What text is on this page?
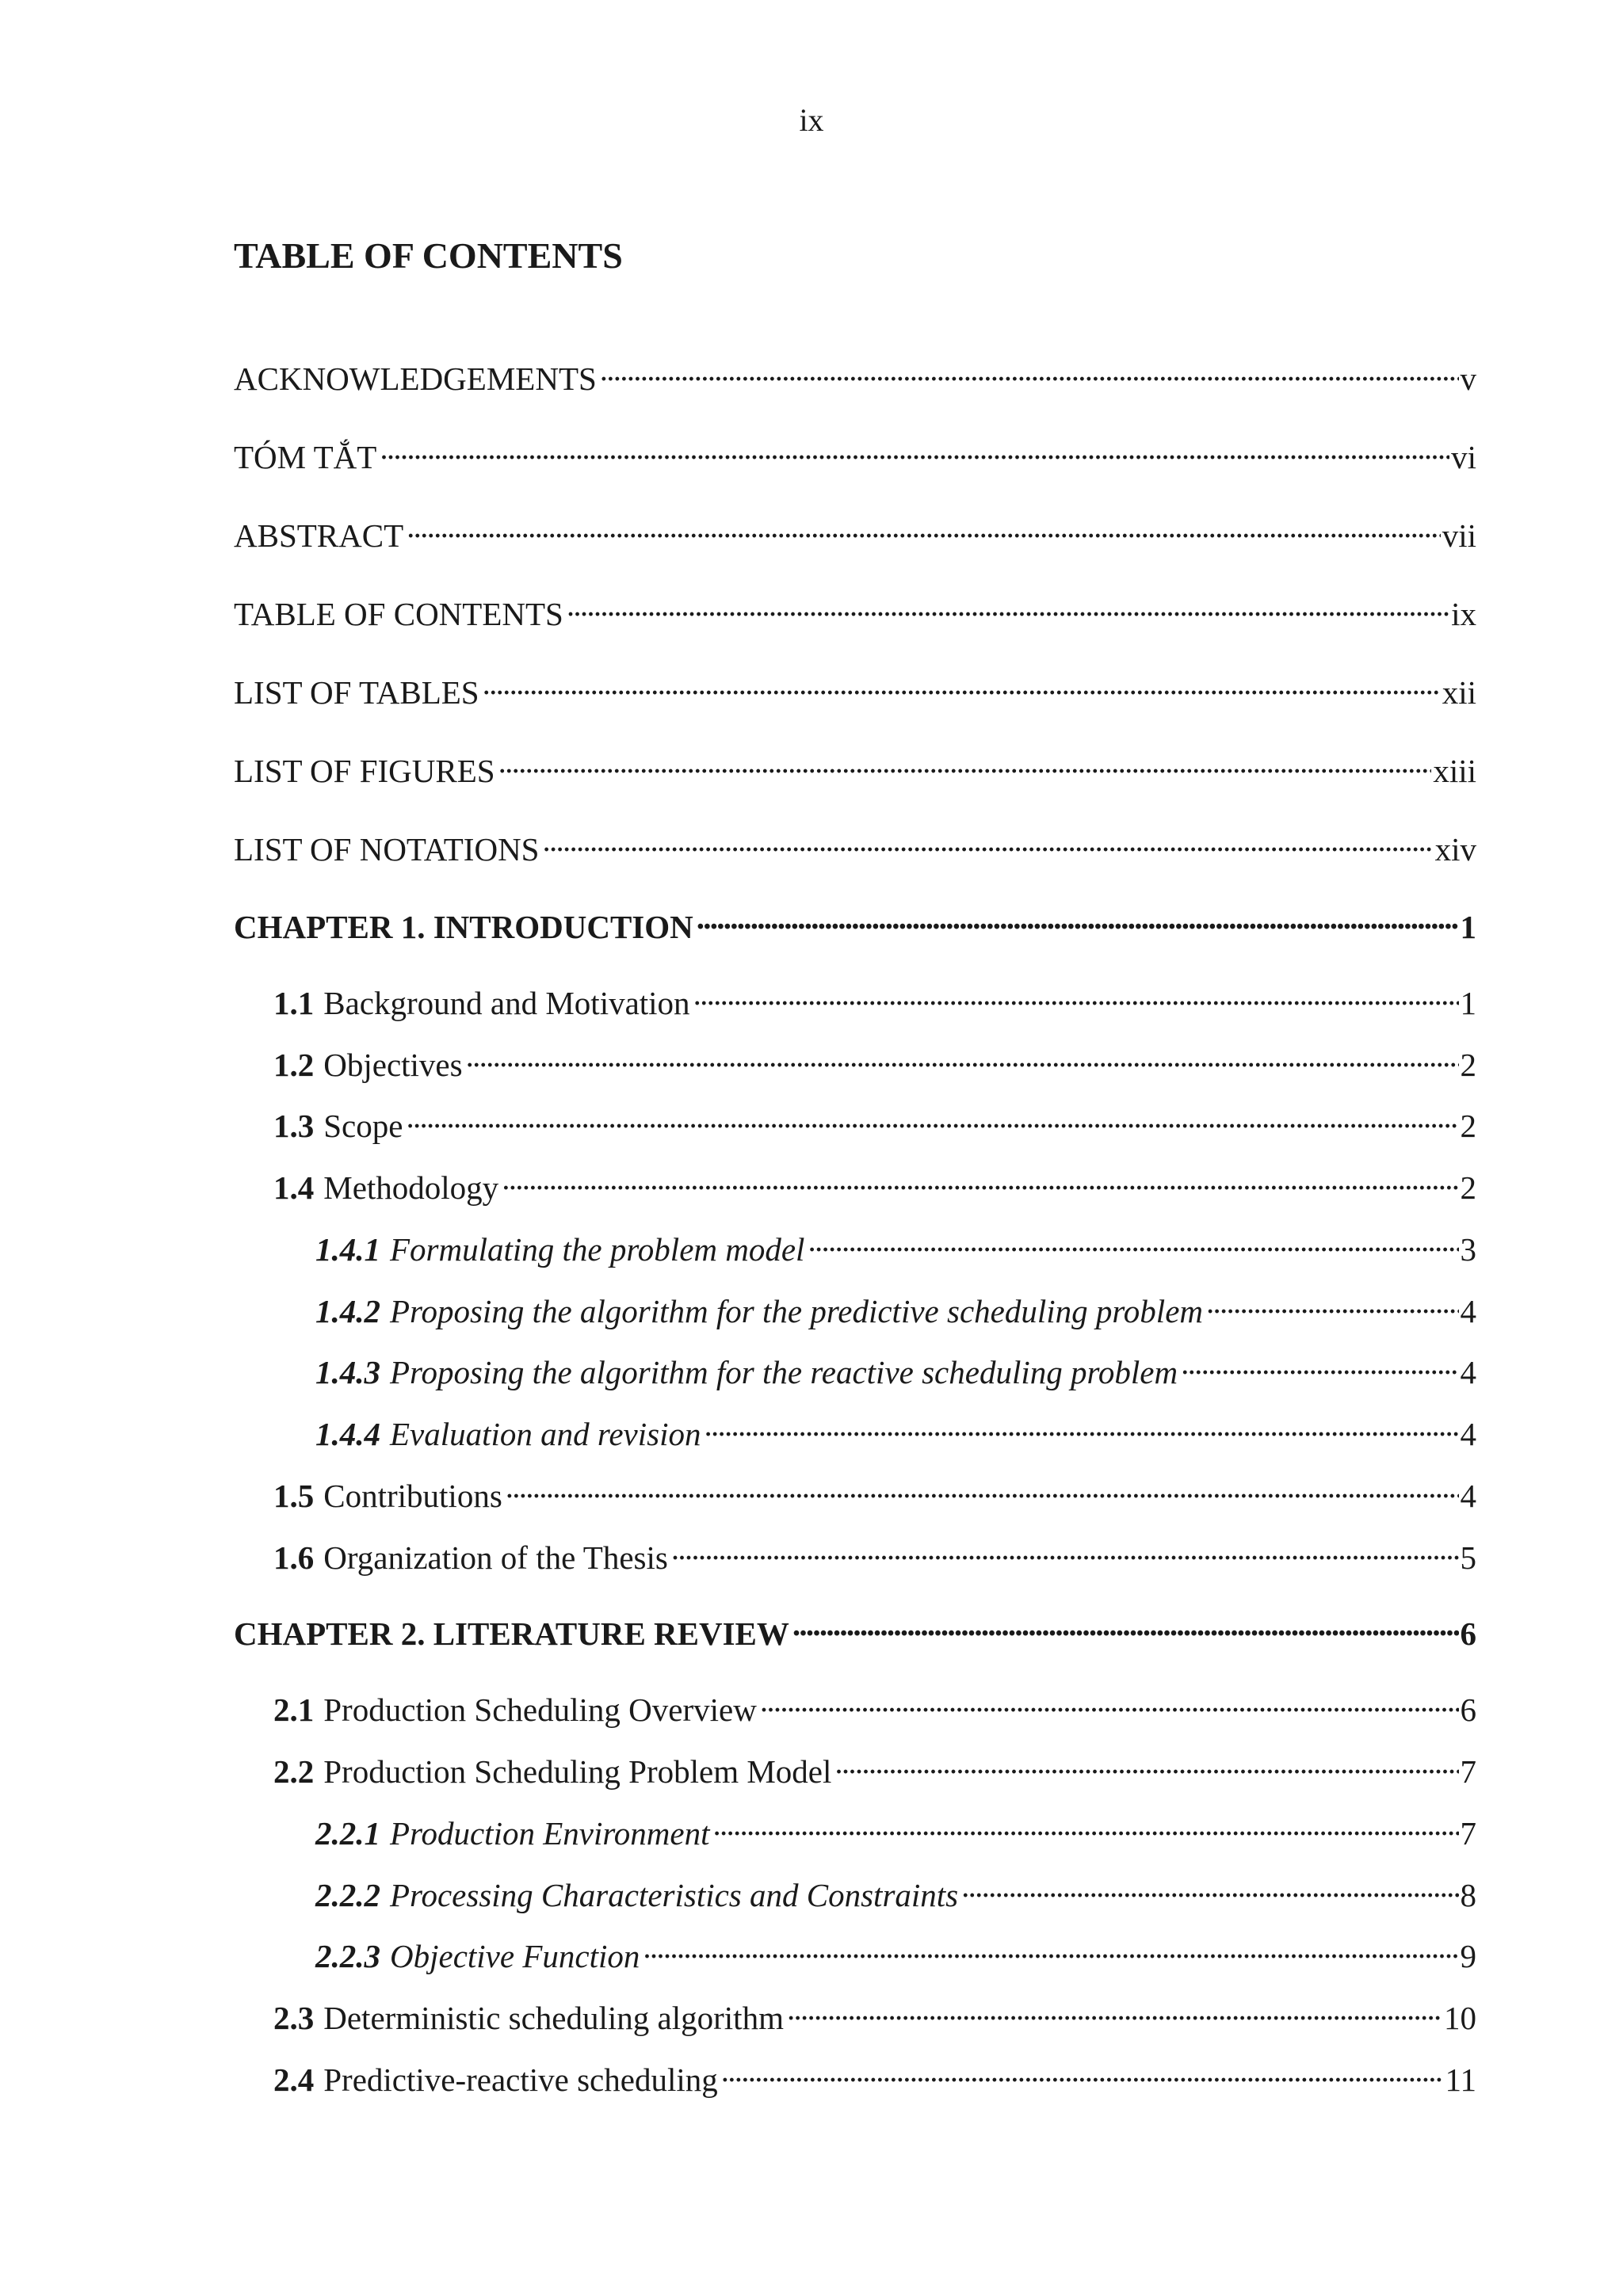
ix
TABLE OF CONTENTS
ACKNOWLEDGEMENTS . . .	v
TÓM TẮT . . .	vi
ABSTRACT . . .	vii
TABLE OF CONTENTS . . .	ix
LIST OF TABLES . . .	xii
LIST OF FIGURES . . .	xiii
LIST OF NOTATIONS . . .	xiv
CHAPTER 1. INTRODUCTION . . .	1
1.1 Background and Motivation . . .	1
1.2 Objectives . . .	2
1.3 Scope . . .	2
1.4 Methodology . . .	2
1.4.1 Formulating the problem model . . .	3
1.4.2 Proposing the algorithm for the predictive scheduling problem . . .	4
1.4.3 Proposing the algorithm for the reactive scheduling problem . . .	4
1.4.4 Evaluation and revision . . .	4
1.5 Contributions . . .	4
1.6 Organization of the Thesis . . .	5
CHAPTER 2. LITERATURE REVIEW . . .	6
2.1 Production Scheduling Overview . . .	6
2.2 Production Scheduling Problem Model . . .	7
2.2.1 Production Environment . . .	7
2.2.2 Processing Characteristics and Constraints . . .	8
2.2.3 Objective Function . . .	9
2.3 Deterministic scheduling algorithm . . .	10
2.4 Predictive-reactive scheduling . . .	11
